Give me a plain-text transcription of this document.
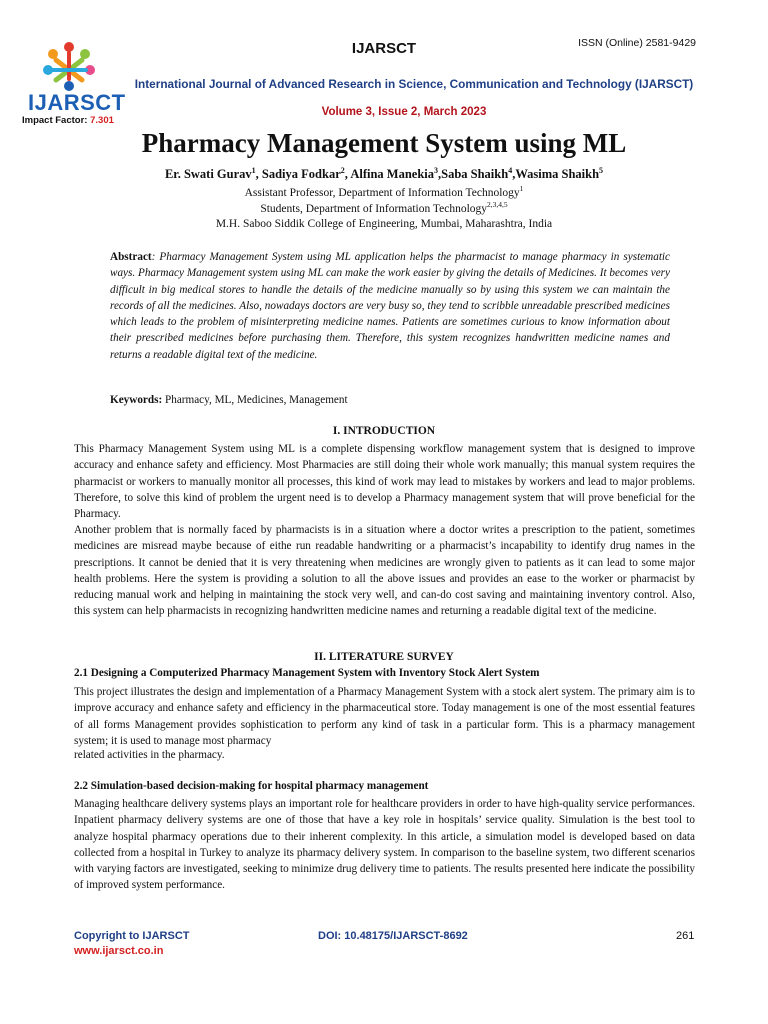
IJARSCT
Impact Factor: 7.301
IJARSCT	ISSN (Online) 2581-9429
International Journal of Advanced Research in Science, Communication and Technology (IJARSCT)
Volume 3, Issue 2, March 2023
Pharmacy Management System using ML
Er. Swati Gurav$^1$, Sadiya Fodkar$^2$, Alfina Manekia$^3$,Saba Shaikh$^4$,Wasima Shaikh$^5$
Assistant Professor, Department of Information Technology$^1$
Students, Department of Information Technology$^{2,3,4,5}$
M.H. Saboo Siddik College of Engineering, Mumbai, Maharashtra, India
Abstract: Pharmacy Management System using ML application helps the pharmacist to manage pharmacy in systematic ways. Pharmacy Management system using ML can make the work easier by giving the details of Medicines. It becomes very difficult in big medical stores to handle the details of the medicine manually so by using this system we can maintain the records of all the medicines. Also, nowadays doctors are very busy so, they tend to scribble unreadable prescribed medicines which leads to the problem of misinterpreting medicine names. Patients are sometimes curious to know information about their prescribed medicines before purchasing them. Therefore, this system recognizes handwritten medicine names and returns a readable digital text of the medicine.
Keywords: Pharmacy, ML, Medicines, Management
I. INTRODUCTION
This Pharmacy Management System using ML is a complete dispensing workflow management system that is designed to improve accuracy and enhance safety and efficiency. Most Pharmacies are still doing their whole work manually; this manual system requires the pharmacist or workers to manually monitor all processes, this kind of work may lead to mistakes by workers and lead to major problems. Therefore, to solve this kind of problem the urgent need is to develop a Pharmacy management system that will prove beneficial for the Pharmacy.
Another problem that is normally faced by pharmacists is in a situation where a doctor writes a prescription to the patient, sometimes medicines are misread maybe because of eithe run readable handwriting or a pharmacist’s incapability to identify drug names in the prescriptions. It cannot be denied that it is very threatening when medicines are wrongly given to patients as it can lead to some major health problems. Here the system is providing a solution to all the above issues and provides an ease to the worker or pharmacist by reducing manual work and helping in maintaining the stock very well, and can-do cost saving and maintaining inventory control. Also, this system can help pharmacists in recognizing handwritten medicine names and returning a readable digital text of the medicine.
II. LITERATURE SURVEY
2.1 Designing a Computerized Pharmacy Management System with Inventory Stock Alert System
This project illustrates the design and implementation of a Pharmacy Management System with a stock alert system. The primary aim is to improve accuracy and enhance safety and efficiency in the pharmaceutical store. Today management is one of the most essential features of all forms Management provides sophistication to perform any kind of task in a particular form. This is a pharmacy management system; it is used to manage most pharmacy
related activities in the pharmacy.
2.2 Simulation-based decision-making for hospital pharmacy management
Managing healthcare delivery systems plays an important role for healthcare providers in order to have high-quality service performances. Inpatient pharmacy delivery systems are one of those that have a key role in hospitals’ service quality. Simulation is the best tool to analyze hospital pharmacy operations due to their inherent complexity. In this article, a simulation model is developed based on data collected from a hospital in Turkey to analyze its pharmacy delivery system. In comparison to the baseline system, two different scenarios with varying factors are investigated, seeking to minimize drug delivery time to patients. The results presented here indicate the possibility of improved system performance.
Copyright to IJARSCT
www.ijarsct.co.in
DOI: 10.48175/IJARSCT-8692	261
